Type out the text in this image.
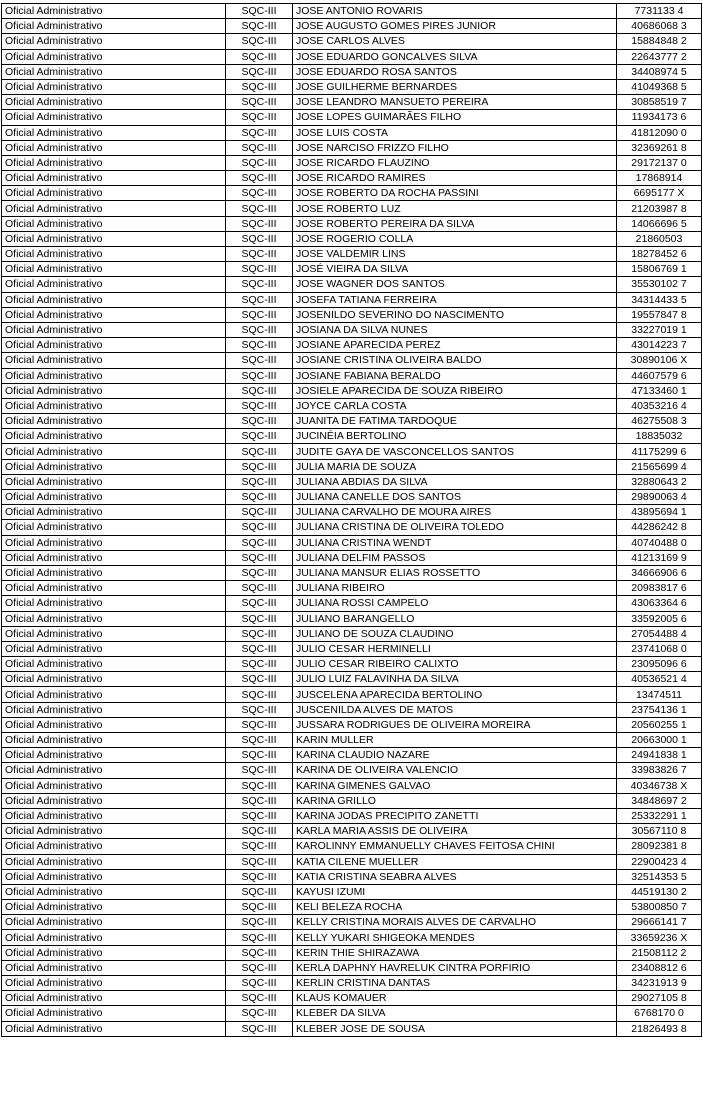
Oficial Administrativo	SQC-III	JOSE ANTONIO ROVARIS	7731133 4
Oficial Administrativo	SQC-III	JOSE AUGUSTO GOMES PIRES JUNIOR	40686068 3
Oficial Administrativo	SQC-III	JOSE CARLOS ALVES	15884848 2
Oficial Administrativo	SQC-III	JOSE EDUARDO GONCALVES SILVA	22643777 2
Oficial Administrativo	SQC-III	JOSE EDUARDO ROSA SANTOS	34408974 5
Oficial Administrativo	SQC-III	JOSE GUILHERME BERNARDES	41049368 5
Oficial Administrativo	SQC-III	JOSE LEANDRO MANSUETO PEREIRA	30858519 7
Oficial Administrativo	SQC-III	JOSE LOPES GUIMARÃES FILHO	11934173 6
Oficial Administrativo	SQC-III	JOSE LUIS COSTA	41812090 0
Oficial Administrativo	SQC-III	JOSE NARCISO FRIZZO FILHO	32369261 8
Oficial Administrativo	SQC-III	JOSE RICARDO FLAUZINO	29172137 0
Oficial Administrativo	SQC-III	JOSE RICARDO RAMIRES	17868914
Oficial Administrativo	SQC-III	JOSE ROBERTO DA ROCHA PASSINI	6695177 X
Oficial Administrativo	SQC-III	JOSE ROBERTO LUZ	21203987 8
Oficial Administrativo	SQC-III	JOSE ROBERTO PEREIRA DA SILVA	14066696 5
Oficial Administrativo	SQC-III	JOSE ROGERIO COLLA	21860503
Oficial Administrativo	SQC-III	JOSE VALDEMIR LINS	18278452 6
Oficial Administrativo	SQC-III	JOSÉ VIEIRA DA SILVA	15806769 1
Oficial Administrativo	SQC-III	JOSE WAGNER DOS SANTOS	35530102 7
Oficial Administrativo	SQC-III	JOSEFA TATIANA FERREIRA	34314433 5
Oficial Administrativo	SQC-III	JOSENILDO SEVERINO DO NASCIMENTO	19557847 8
Oficial Administrativo	SQC-III	JOSIANA DA SILVA NUNES	33227019 1
Oficial Administrativo	SQC-III	JOSIANE APARECIDA PEREZ	43014223 7
Oficial Administrativo	SQC-III	JOSIANE CRISTINA OLIVEIRA BALDO	30890106 X
Oficial Administrativo	SQC-III	JOSIANE FABIANA BERALDO	44607579 6
Oficial Administrativo	SQC-III	JOSIELE APARECIDA DE SOUZA RIBEIRO	47133460 1
Oficial Administrativo	SQC-III	JOYCE CARLA COSTA	40353216 4
Oficial Administrativo	SQC-III	JUANITA DE FATIMA TARDOQUE	46275508 3
Oficial Administrativo	SQC-III	JUCINÉIA BERTOLINO	18835032
Oficial Administrativo	SQC-III	JUDITE GAYA DE VASCONCELLOS SANTOS	41175299 6
Oficial Administrativo	SQC-III	JULIA MARIA DE SOUZA	21565699 4
Oficial Administrativo	SQC-III	JULIANA ABDIAS DA SILVA	32880643 2
Oficial Administrativo	SQC-III	JULIANA CANELLE DOS SANTOS	29890063 4
Oficial Administrativo	SQC-III	JULIANA CARVALHO DE MOURA AIRES	43895694 1
Oficial Administrativo	SQC-III	JULIANA CRISTINA DE OLIVEIRA TOLEDO	44286242 8
Oficial Administrativo	SQC-III	JULIANA CRISTINA WENDT	40740488 0
Oficial Administrativo	SQC-III	JULIANA DELFIM PASSOS	41213169 9
Oficial Administrativo	SQC-III	JULIANA MANSUR ELIAS ROSSETTO	34666906 6
Oficial Administrativo	SQC-III	JULIANA RIBEIRO	20983817 6
Oficial Administrativo	SQC-III	JULIANA ROSSI CAMPELO	43063364 6
Oficial Administrativo	SQC-III	JULIANO BARANGELLO	33592005 6
Oficial Administrativo	SQC-III	JULIANO DE SOUZA CLAUDINO	27054488 4
Oficial Administrativo	SQC-III	JULIO CESAR HERMINELLI	23741068 0
Oficial Administrativo	SQC-III	JULIO CESAR RIBEIRO CALIXTO	23095096 6
Oficial Administrativo	SQC-III	JULIO LUIZ FALAVINHA DA SILVA	40536521 4
Oficial Administrativo	SQC-III	JUSCELENA APARECIDA BERTOLINO	13474511
Oficial Administrativo	SQC-III	JUSCENILDA ALVES DE MATOS	23754136 1
Oficial Administrativo	SQC-III	JUSSARA RODRIGUES DE OLIVEIRA MOREIRA	20560255 1
Oficial Administrativo	SQC-III	KARIN MULLER	20663000 1
Oficial Administrativo	SQC-III	KARINA CLAUDIO NAZARE	24941838 1
Oficial Administrativo	SQC-III	KARINA DE OLIVEIRA VALENCIO	33983826 7
Oficial Administrativo	SQC-III	KARINA GIMENES GALVAO	40346738 X
Oficial Administrativo	SQC-III	KARINA GRILLO	34848697 2
Oficial Administrativo	SQC-III	KARINA JODAS PRECIPITO ZANETTI	25332291 1
Oficial Administrativo	SQC-III	KARLA MARIA ASSIS DE OLIVEIRA	30567110 8
Oficial Administrativo	SQC-III	KAROLINNY EMMANUELLY CHAVES FEITOSA CHINI	28092381 8
Oficial Administrativo	SQC-III	KATIA CILENE MUELLER	22900423 4
Oficial Administrativo	SQC-III	KATIA CRISTINA SEABRA ALVES	32514353 5
Oficial Administrativo	SQC-III	KAYUSI IZUMI	44519130 2
Oficial Administrativo	SQC-III	KELI BELEZA ROCHA	53800850 7
Oficial Administrativo	SQC-III	KELLY CRISTINA MORAIS ALVES DE CARVALHO	29666141 7
Oficial Administrativo	SQC-III	KELLY YUKARI SHIGEOKA MENDES	33659236 X
Oficial Administrativo	SQC-III	KERIN THIE SHIRAZAWA	21508112 2
Oficial Administrativo	SQC-III	KERLA DAPHNY HAVRELUK CINTRA PORFIRIO	23408812 6
Oficial Administrativo	SQC-III	KERLIN CRISTINA DANTAS	34231913 9
Oficial Administrativo	SQC-III	KLAUS KOMAUER	29027105 8
Oficial Administrativo	SQC-III	KLEBER DA SILVA	6768170 0
Oficial Administrativo	SQC-III	KLEBER JOSE DE SOUSA	21826493 8
